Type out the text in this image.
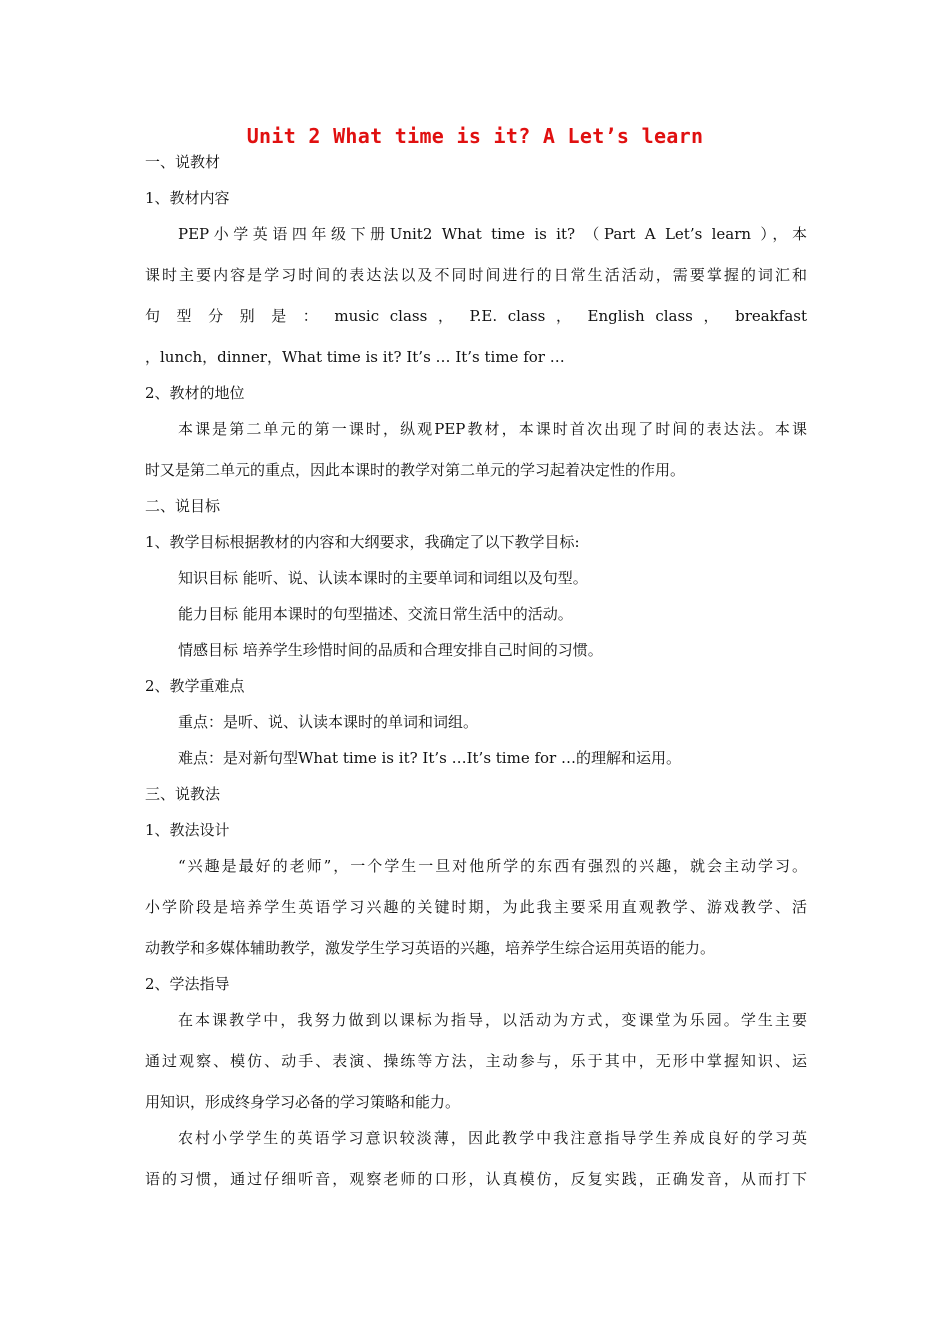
Unit 2 What time is it? A Let’s learn
一、说教材
1、教材内容
PEP小学英语四年级下册Unit2 What time is it? （Part A Let’s learn ），本
课时主要内容是学习时间的表达法以及不同时间进行的日常生活活动，需要掌握的词汇和
句 型 分 别 是 ： music class ， P.E. class ， English class ， breakfast
，lunch，dinner，What time is it? It’s … It’s time for …
2、教材的地位
本课是第二单元的第一课时，纵观PEP教材，本课时首次出现了时间的表达法。本课
时又是第二单元的重点，因此本课时的教学对第二单元的学习起着决定性的作用。
二、说目标
1、教学目标根据教材的内容和大纲要求，我确定了以下教学目标:
知识目标 能听、说、认读本课时的主要单词和词组以及句型。
能力目标 能用本课时的句型描述、交流日常生活中的活动。
情感目标 培养学生珍惜时间的品质和合理安排自己时间的习惯。
2、教学重难点
重点：是听、说、认读本课时的单词和词组。
难点：是对新句型What time is it? It’s …It’s time for …的理解和运用。
三、说教法
1、教法设计
“兴趣是最好的老师”，一个学生一旦对他所学的东西有强烈的兴趣，就会主动学习。
小学阶段是培养学生英语学习兴趣的关键时期，为此我主要采用直观教学、游戏教学、活
动教学和多媒体辅助教学，激发学生学习英语的兴趣，培养学生综合运用英语的能力。
2、学法指导
在本课教学中，我努力做到以课标为指导，以活动为方式，变课堂为乐园。学生主要
通过观察、模仿、动手、表演、操练等方法，主动参与，乐于其中，无形中掌握知识、运
用知识，形成终身学习必备的学习策略和能力。
农村小学学生的英语学习意识较淡薄，因此教学中我注意指导学生养成良好的学习英
语的习惯，通过仔细听音，观察老师的口形，认真模仿，反复实践，正确发音，从而打下
